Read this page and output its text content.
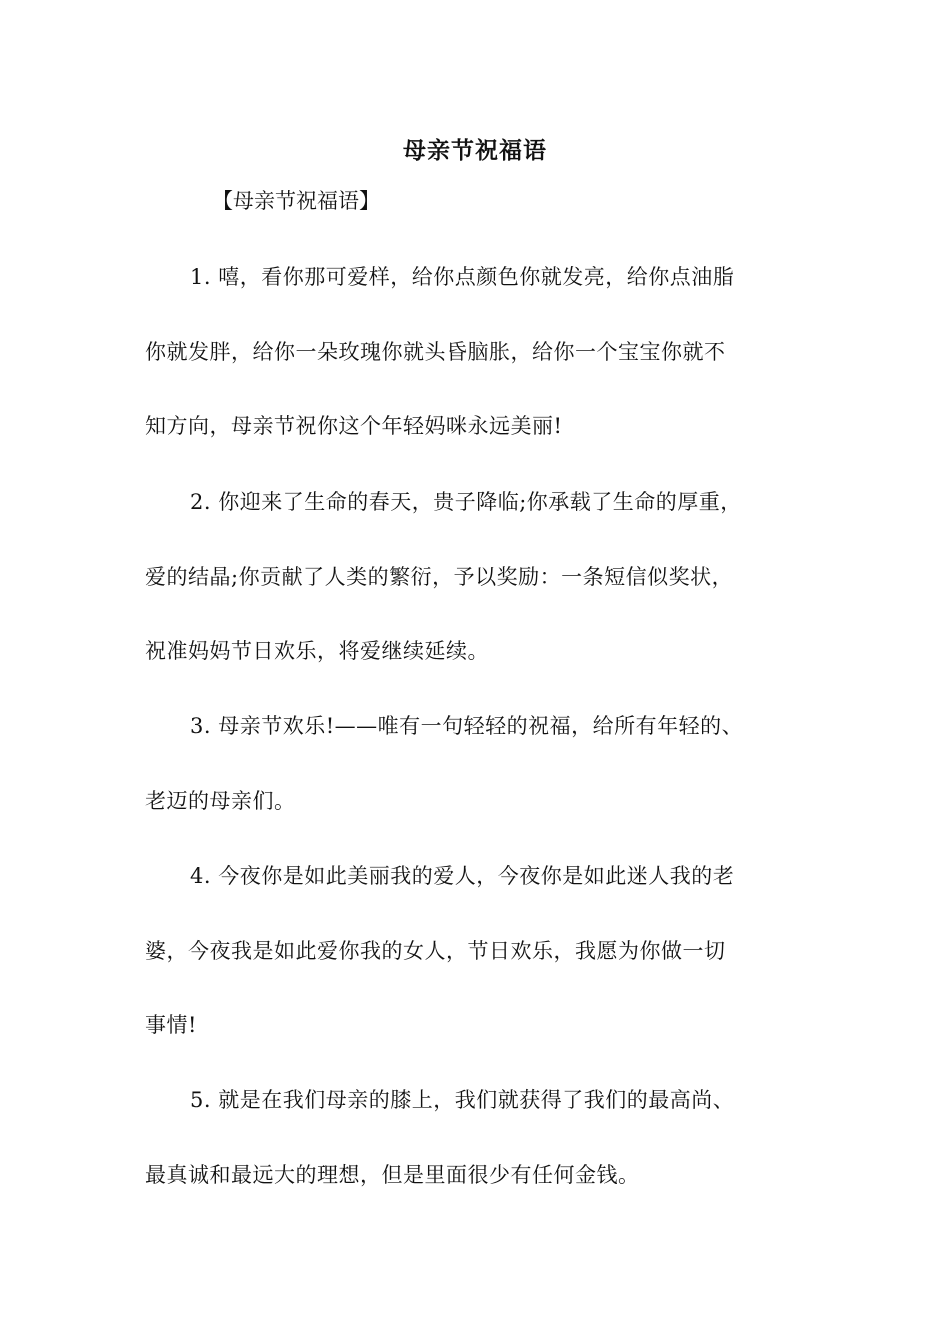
母亲节祝福语

【母亲节祝福语】

1. 嘻，看你那可爱样，给你点颜色你就发亮，给你点油脂

你就发胖，给你一朵玫瑰你就头昏脑胀，给你一个宝宝你就不

知方向，母亲节祝你这个年轻妈咪永远美丽!

2. 你迎来了生命的春天，贵子降临;你承载了生命的厚重，

爱的结晶;你贡献了人类的繁衍，予以奖励：一条短信似奖状，

祝准妈妈节日欢乐，将爱继续延续。

3. 母亲节欢乐!——唯有一句轻轻的祝福，给所有年轻的、

老迈的母亲们。

4. 今夜你是如此美丽我的爱人，今夜你是如此迷人我的老

婆，今夜我是如此爱你我的女人，节日欢乐，我愿为你做一切

事情!

5. 就是在我们母亲的膝上，我们就获得了我们的最高尚、

最真诚和最远大的理想，但是里面很少有任何金钱。
